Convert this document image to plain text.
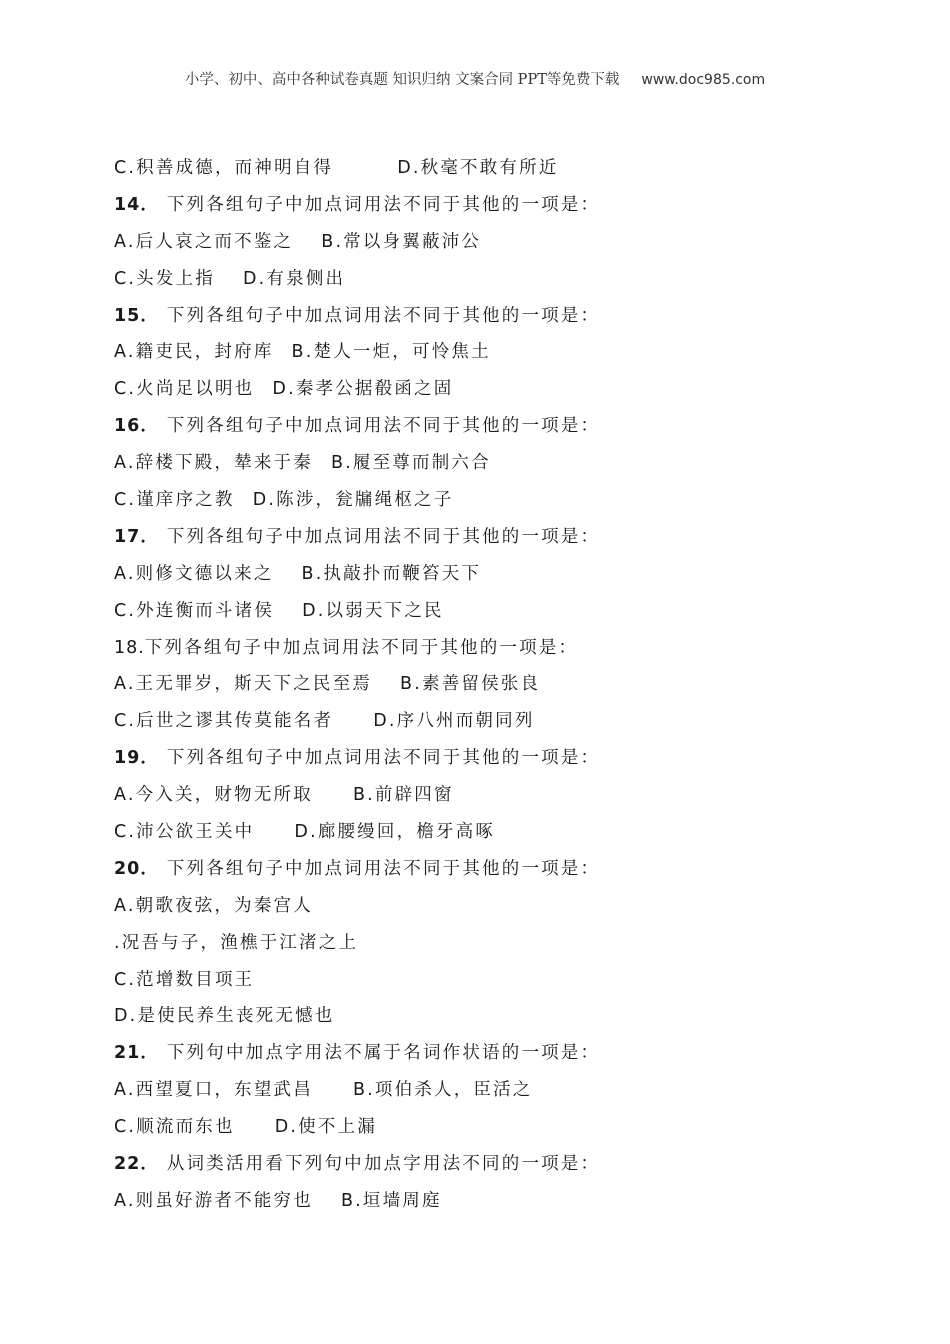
小学、初中、高中各种试卷真题 知识归纳 文案合同 PPT等免费下载 www.doc985.com
C.积善成德，而神明自得	D.秋毫不敢有所近
14． 下列各组句子中加点词用法不同于其他的一项是：
A.后人哀之而不鉴之 B.常以身翼蔽沛公
C.头发上指 D.有泉侧出
15． 下列各组句子中加点词用法不同于其他的一项是：
A.籍吏民，封府库 B.楚人一炬，可怜焦土
C.火尚足以明也 D.秦孝公据殽函之固
16． 下列各组句子中加点词用法不同于其他的一项是：
A.辞楼下殿，辇来于秦 B.履至尊而制六合
C.谨庠序之教 D.陈涉，瓮牖绳枢之子
17． 下列各组句子中加点词用法不同于其他的一项是：
A.则修文德以来之 B.执敲扑而鞭笞天下
C.外连衡而斗诸侯 D.以弱天下之民
18.下列各组句子中加点词用法不同于其他的一项是：
A.王无罪岁，斯天下之民至焉 B.素善留侯张良
C.后世之谬其传莫能名者 D.序八州而朝同列
19． 下列各组句子中加点词用法不同于其他的一项是：
A.今入关，财物无所取 B.前辟四窗
C.沛公欲王关中 D.廊腰缦回，檐牙高啄
20． 下列各组句子中加点词用法不同于其他的一项是：
A.朝歌夜弦，为秦宫人
.况吾与子，渔樵于江渚之上
C.范增数目项王
D.是使民养生丧死无憾也
21． 下列句中加点字用法不属于名词作状语的一项是：
A.西望夏口，东望武昌 B.项伯杀人，臣活之
C.顺流而东也 D.使不上漏
22． 从词类活用看下列句中加点字用法不同的一项是：
A.则虽好游者不能穷也 B.垣墙周庭
